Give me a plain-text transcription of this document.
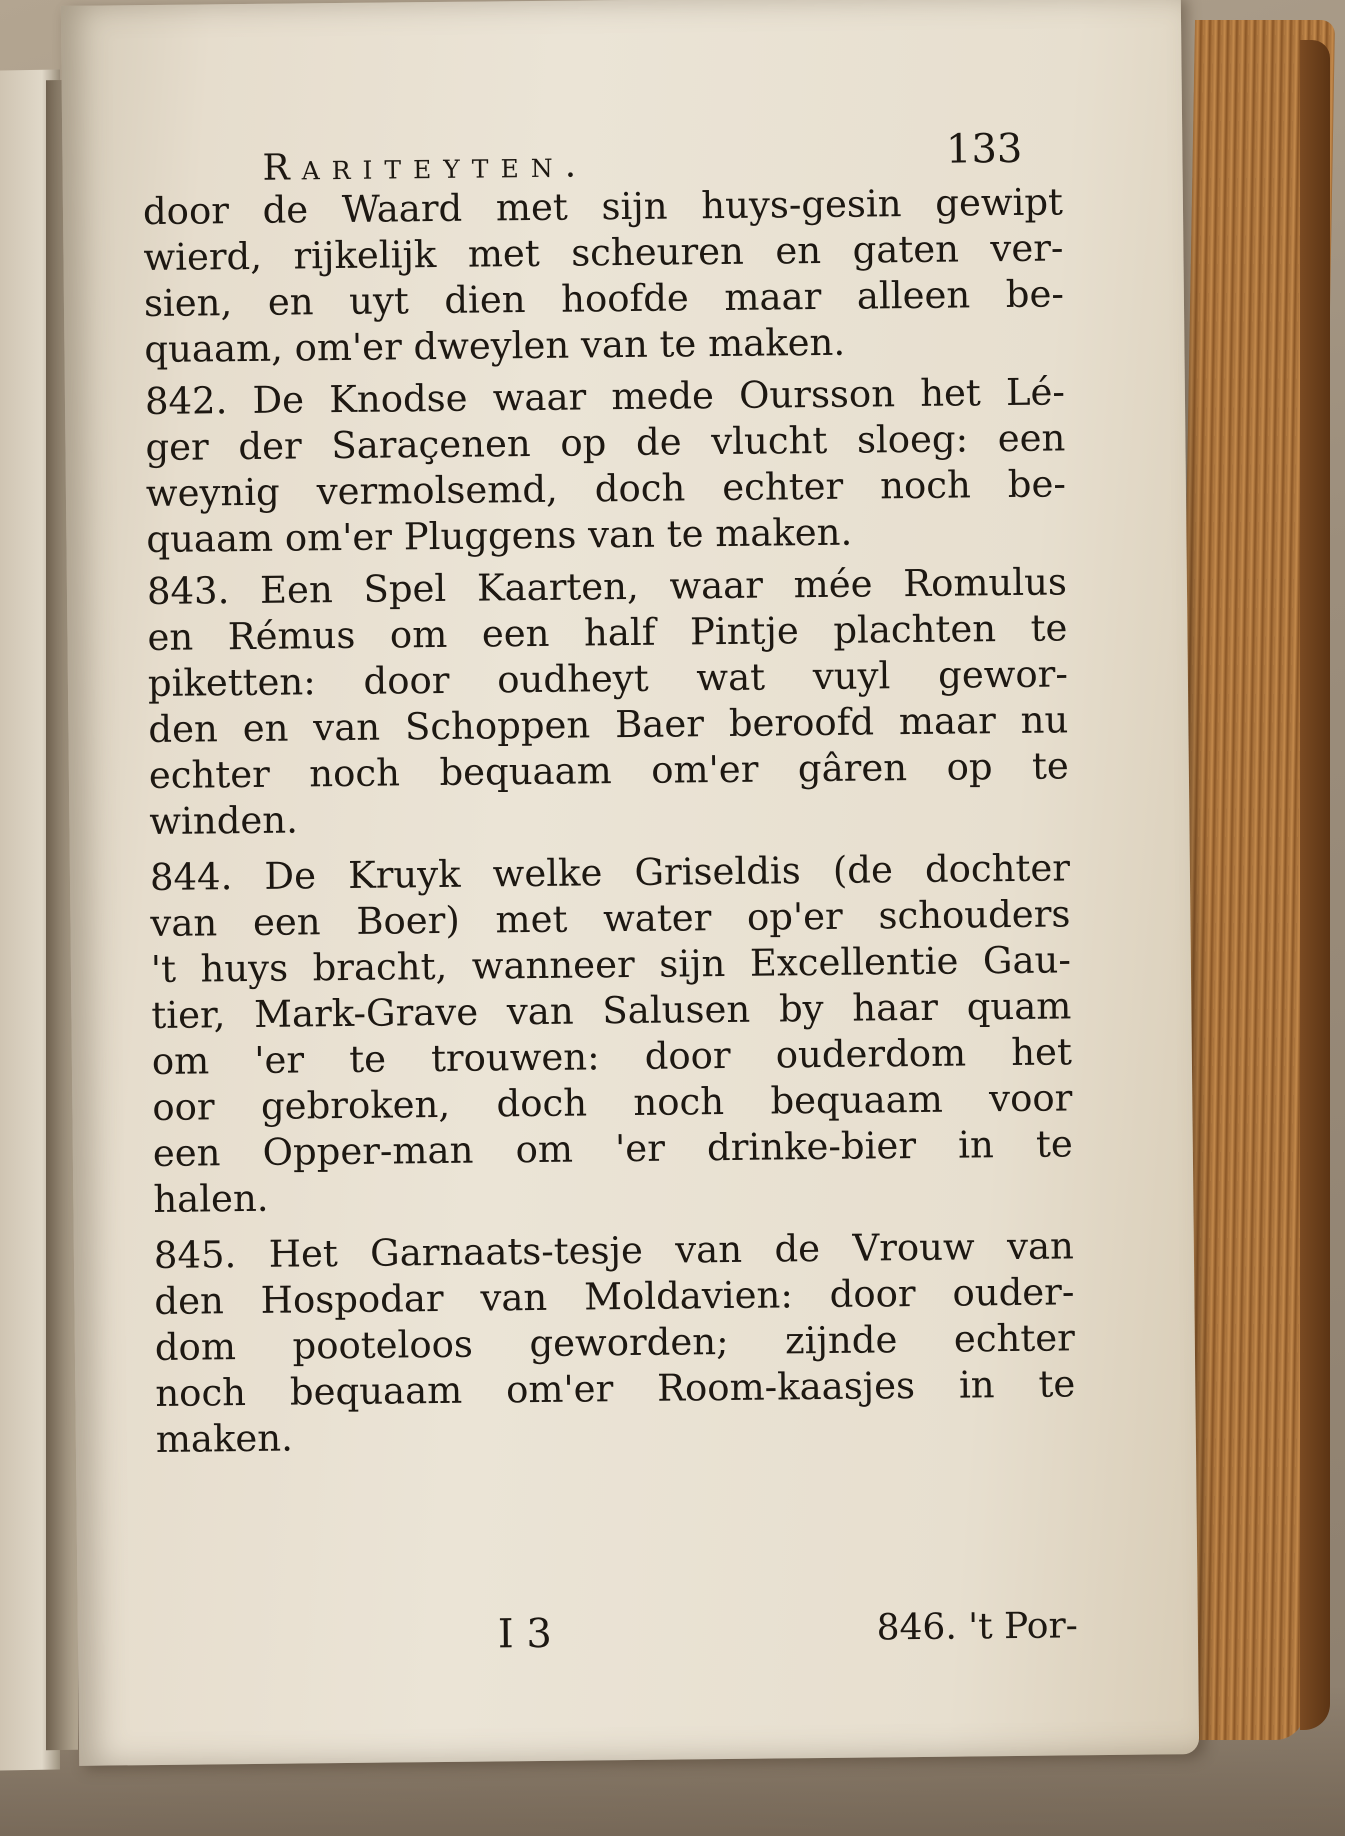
Rariteyten.	133
door de Waard met sijn huys-gesin gewipt
wierd, rijkelijk met scheuren en gaten ver-
sien, en uyt dien hoofde maar alleen be-
quaam, om'er dweylen van te maken.
842. De Knodse waar mede Oursson het Lé-
ger der Saraçenen op de vlucht sloeg: een
weynig vermolsemd, doch echter noch be-
quaam om'er Pluggens van te maken.
843. Een Spel Kaarten, waar mée Romulus
en Rémus om een half Pintje plachten te
piketten: door oudheyt wat vuyl gewor-
den en van Schoppen Baer beroofd maar nu
echter noch bequaam om'er gâren op te
winden.
844. De Kruyk welke Griseldis (de dochter
van een Boer) met water op'er schouders
't huys bracht, wanneer sijn Excellentie Gau-
tier, Mark-Grave van Salusen by haar quam
om 'er te trouwen: door ouderdom het
oor gebroken, doch noch bequaam voor
een Opper-man om 'er drinke-bier in te
halen.
845. Het Garnaats-tesje van de Vrouw van
den Hospodar van Moldavien: door ouder-
dom pooteloos geworden; zijnde echter
noch bequaam om'er Room-kaasjes in te
maken.
I 3	846. 't Por-
